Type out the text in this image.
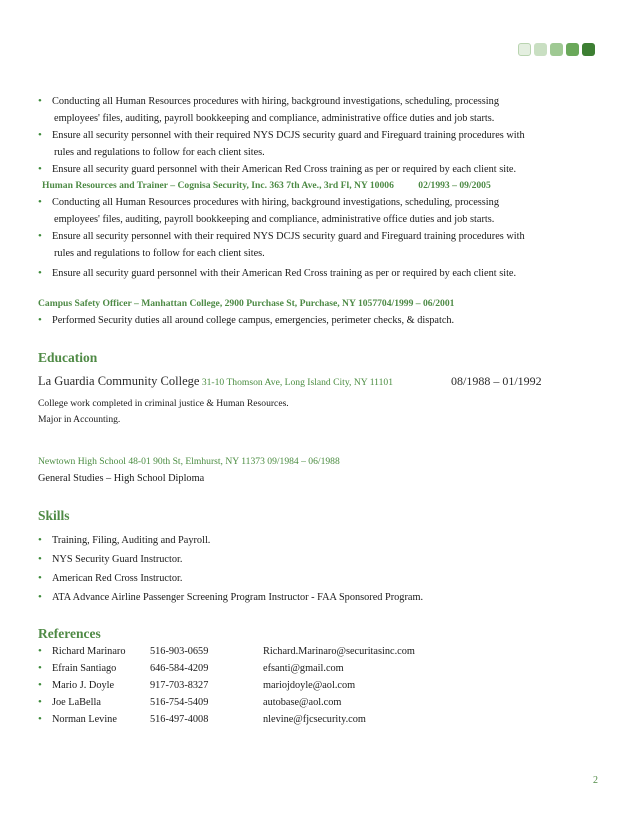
• Conducting all Human Resources procedures with hiring, background investigations, scheduling, processing
employees' files, auditing, payroll bookkeeping and compliance, administrative office duties and job starts.
• Ensure all security personnel with their required NYS DCJS security guard and Fireguard training procedures with
rules and regulations to follow for each client sites.
• Ensure all security guard personnel with their American Red Cross training as per or required by each client site.
Human Resources and Trainer – Cognisa Security, Inc. 363 7th Ave., 3rd Fl, NY 10006	02/1993 – 09/2005
• Conducting all Human Resources procedures with hiring, background investigations, scheduling, processing
employees' files, auditing, payroll bookkeeping and compliance, administrative office duties and job starts.
• Ensure all security personnel with their required NYS DCJS security guard and Fireguard training procedures with
rules and regulations to follow for each client sites.
• Ensure all security guard personnel with their American Red Cross training as per or required by each client site.
Campus Safety Officer – Manhattan College, 2900 Purchase St, Purchase, NY 1057704/1999 – 06/2001
• Performed Security duties all around college campus, emergencies, perimeter checks, & dispatch.
Education
La Guardia Community College 31-10 Thomson Ave, Long Island City, NY 11101	08/1988 – 01/1992
College work completed in criminal justice & Human Resources.
Major in Accounting.
Newtown High School 48-01 90th St, Elmhurst, NY 11373 09/1984 – 06/1988
General Studies – High School Diploma
Skills
• Training, Filing, Auditing and Payroll.
• NYS Security Guard Instructor.
• American Red Cross Instructor.
• ATA Advance Airline Passenger Screening Program Instructor - FAA Sponsored Program.
References
• Richard Marinaro	516-903-0659	Richard.Marinaro@securitasinc.com
• Efrain Santiago	646-584-4209	efsanti@gmail.com
• Mario J. Doyle	917-703-8327	mariojdoyle@aol.com
• Joe LaBella	516-754-5409	autobase@aol.com
• Norman Levine	516-497-4008	nlevine@fjcsecurity.com
2
